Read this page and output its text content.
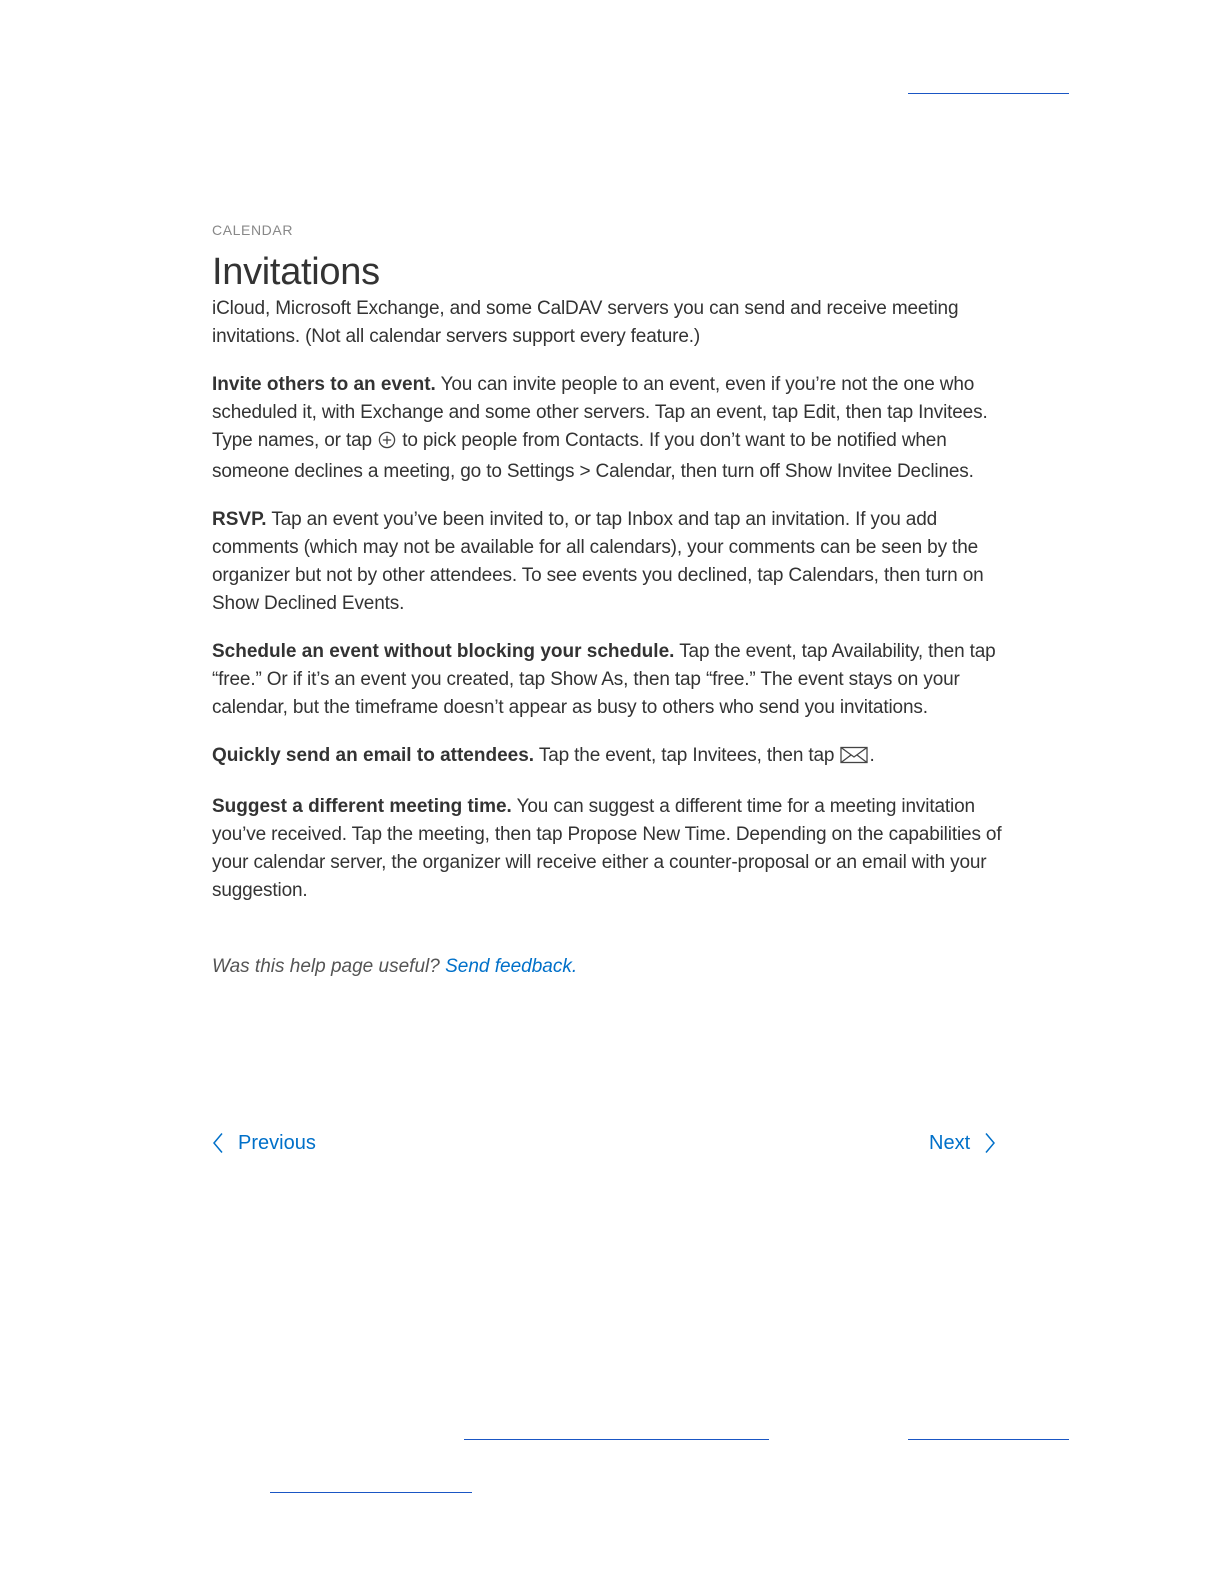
CALENDAR
Invitations

iCloud, Microsoft Exchange, and some CalDAV servers you can send and receive meeting invitations. (Not all calendar servers support every feature.)

Invite others to an event. You can invite people to an event, even if you’re not the one who scheduled it, with Exchange and some other servers. Tap an event, tap Edit, then tap Invitees. Type names, or tap  to pick people from Contacts. If you don’t want to be notified when someone declines a meeting, go to Settings > Calendar, then turn off Show Invitee Declines.

RSVP. Tap an event you’ve been invited to, or tap Inbox and tap an invitation. If you add comments (which may not be available for all calendars), your comments can be seen by the organizer but not by other attendees. To see events you declined, tap Calendars, then turn on Show Declined Events.

Schedule an event without blocking your schedule. Tap the event, tap Availability, then tap “free.” Or if it’s an event you created, tap Show As, then tap “free.” The event stays on your calendar, but the timeframe doesn’t appear as busy to others who send you invitations.

Quickly send an email to attendees. Tap the event, tap Invitees, then tap .

Suggest a different meeting time. You can suggest a different time for a meeting invitation you’ve received. Tap the meeting, then tap Propose New Time. Depending on the capabilities of your calendar server, the organizer will receive either a counter-proposal or an email with your suggestion.

Was this help page useful? Send feedback.

Previous	Next
